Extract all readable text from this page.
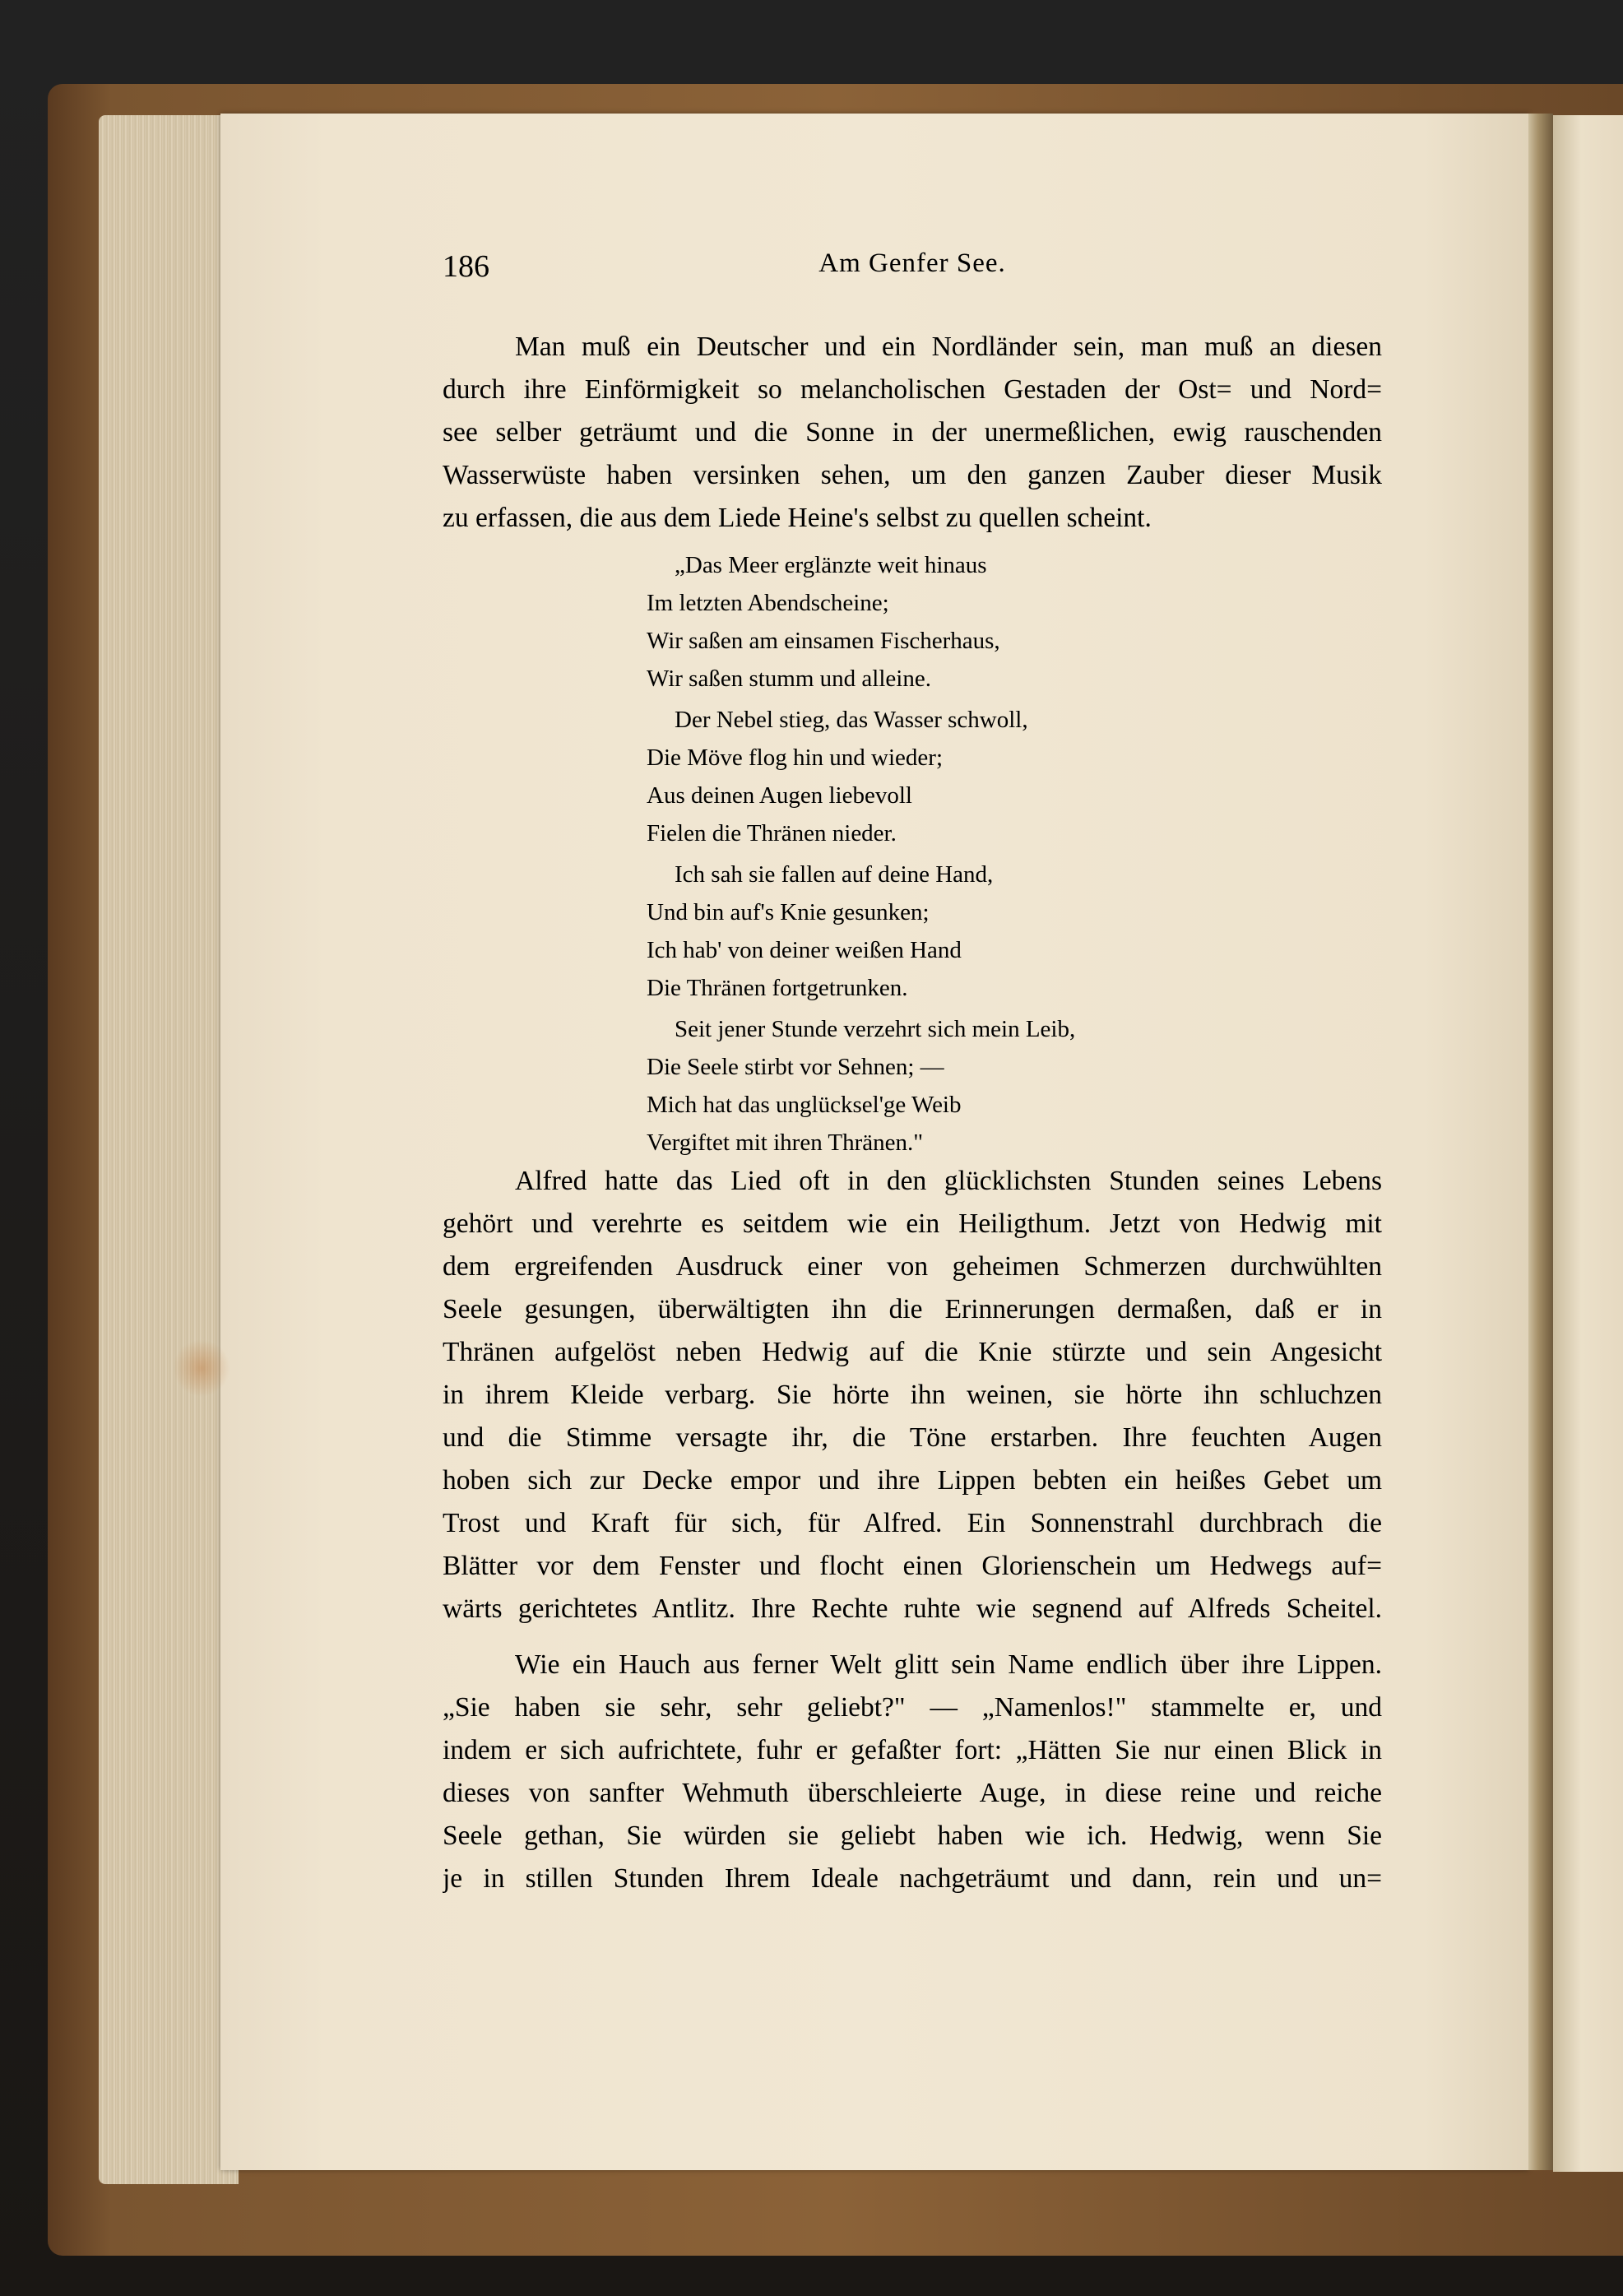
186	Am Genfer See.
Man muß ein Deutscher und ein Nordländer sein, man muß an diesen
durch ihre Einförmigkeit so melancholischen Gestaden der Ost= und Nord=
see selber geträumt und die Sonne in der unermeßlichen, ewig rauschenden
Wasserwüste haben versinken sehen, um den ganzen Zauber dieser Musik
zu erfassen, die aus dem Liede Heine's selbst zu quellen scheint.
„Das Meer erglänzte weit hinaus
Im letzten Abendscheine;
Wir saßen am einsamen Fischerhaus,
Wir saßen stumm und alleine.
Der Nebel stieg, das Wasser schwoll,
Die Möve flog hin und wieder;
Aus deinen Augen liebevoll
Fielen die Thränen nieder.
Ich sah sie fallen auf deine Hand,
Und bin auf's Knie gesunken;
Ich hab' von deiner weißen Hand
Die Thränen fortgetrunken.
Seit jener Stunde verzehrt sich mein Leib,
Die Seele stirbt vor Sehnen; —
Mich hat das unglücksel'ge Weib
Vergiftet mit ihren Thränen."
Alfred hatte das Lied oft in den glücklichsten Stunden seines Lebens
gehört und verehrte es seitdem wie ein Heiligthum. Jetzt von Hedwig mit
dem ergreifenden Ausdruck einer von geheimen Schmerzen durchwühlten
Seele gesungen, überwältigten ihn die Erinnerungen dermaßen, daß er in
Thränen aufgelöst neben Hedwig auf die Knie stürzte und sein Angesicht
in ihrem Kleide verbarg. Sie hörte ihn weinen, sie hörte ihn schluchzen
und die Stimme versagte ihr, die Töne erstarben. Ihre feuchten Augen
hoben sich zur Decke empor und ihre Lippen bebten ein heißes Gebet um
Trost und Kraft für sich, für Alfred. Ein Sonnenstrahl durchbrach die
Blätter vor dem Fenster und flocht einen Glorienschein um Hedwegs auf=
wärts gerichtetes Antlitz. Ihre Rechte ruhte wie segnend auf Alfreds Scheitel.
Wie ein Hauch aus ferner Welt glitt sein Name endlich über ihre Lippen.
„Sie haben sie sehr, sehr geliebt?" — „Namenlos!" stammelte er, und
indem er sich aufrichtete, fuhr er gefaßter fort: „Hätten Sie nur einen Blick in
dieses von sanfter Wehmuth überschleierte Auge, in diese reine und reiche
Seele gethan, Sie würden sie geliebt haben wie ich. Hedwig, wenn Sie
je in stillen Stunden Ihrem Ideale nachgeträumt und dann, rein und un=
